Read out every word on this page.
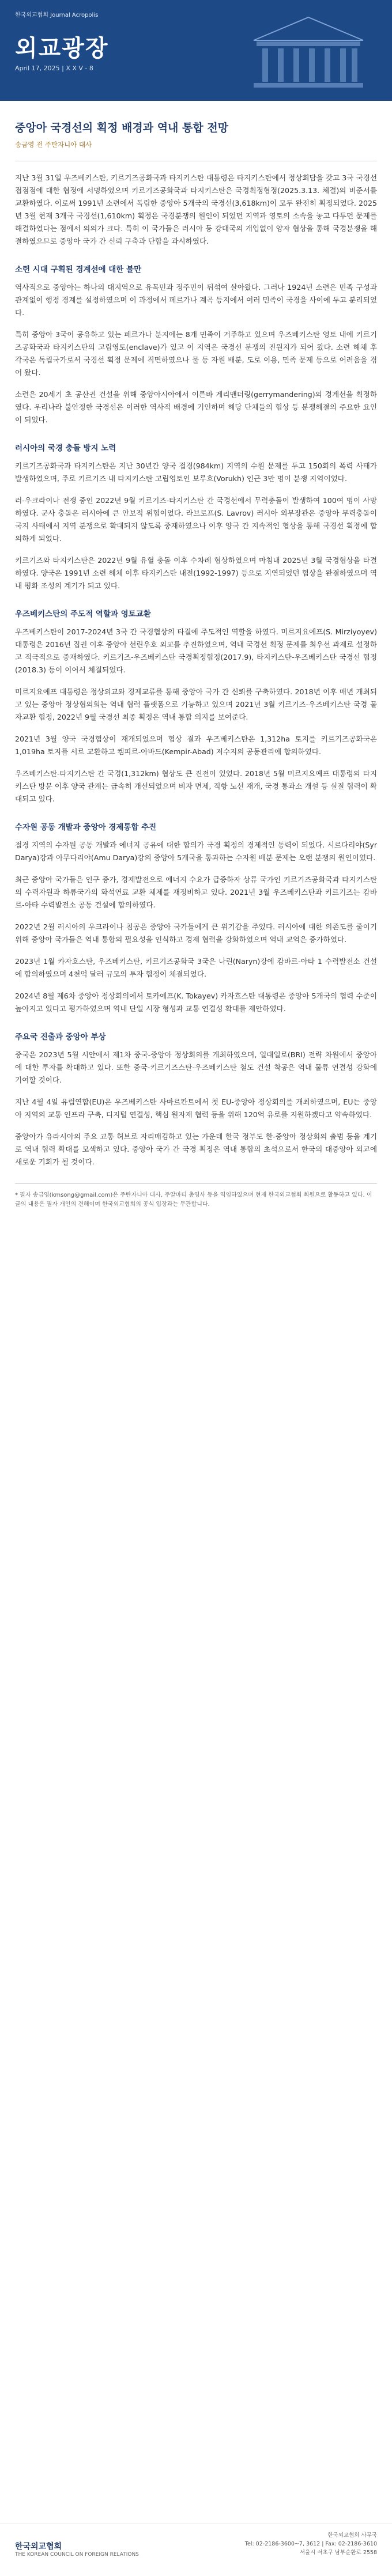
한국외교협회 Journal Acropolis
외교광장
April 17, 2025 | X X V - 8
중앙아 국경선의 획정 배경과 역내 통합 전망
송금영 전 주탄자니아 대사

지난 3월 31일 우즈베키스탄, 키르기즈공화국과 타지키스탄 대통령은 타지키스탄에서 정상회담을 갖고 3국 국경선 접점점에 대한 협정에 서명하였으며 키르기즈공화국과 타지키스탄은 국경획정협정(2025.3.13. 체결)의 비준서를 교환하였다. 이로써 1991년 소련에서 독립한 중앙아 5개국의 국경선(3,618km)이 모두 완전히 획정되었다. 2025년 3월 현재 3개국 국경선(1,610km) 획정은 국경분쟁의 원인이 되었던 지역과 영토의 소속을 놓고 다투던 문제를 해결하였다는 점에서 의의가 크다. 특히 이 국가들은 러시아 등 강대국의 개입없이 양자 협상을 통해 국경분쟁을 해결하였으므로 중앙아 국가 간 신뢰 구축과 단합을 과시하였다.

소련 시대 구획된 경계선에 대한 불만

역사적으로 중앙아는 하나의 대지역으로 유목민과 정주민이 뒤섞여 살아왔다. 그러나 1924년 소련은 민족 구성과 관계없이 행정 경계를 설정하였으며 이 과정에서 페르가나 계곡 등지에서 여러 민족이 국경을 사이에 두고 분리되었다.

특히 중앙아 3국이 공유하고 있는 페르가나 분지에는 8개 민족이 거주하고 있으며 우즈베키스탄 영토 내에 키르기즈공화국과 타지키스탄의 고립영토(enclave)가 있고 이 지역은 국경선 분쟁의 진원지가 되어 왔다. 소련 해체 후 각국은 독립국가로서 국경선 획정 문제에 직면하였으나 물 등 자원 배분, 도로 이용, 민족 문제 등으로 어려움을 겪어 왔다.

소련은 20세기 초 공산권 건설을 위해 중앙아시아에서 이른바 게리맨더링(gerrymandering)의 경계선을 획정하였다. 우리나라 불안정한 국경선은 이러한 역사적 배경에 기인하며 해당 단체들의 협상 등 분쟁해결의 주요한 요인이 되었다.

러시아의 국경 충돌 방지 노력

키르기즈공화국과 타지키스탄은 지난 30년간 양국 접경(984km) 지역의 수원 문제를 두고 150회의 폭력 사태가 발생하였으며, 주로 키르기즈 내 타지키스탄 고립영토인 보루흐(Vorukh) 인근 3만 명이 분쟁 지역이었다.

러-우크라이나 전쟁 중인 2022년 9월 키르기즈-타지키스탄 간 국경선에서 무력충돌이 발생하여 100여 명이 사망하였다. 군사 충돌은 러시아에 큰 안보적 위협이었다. 라브로프(S. Lavrov) 러시아 외무장관은 중앙아 무력충돌이 국지 사태에서 지역 분쟁으로 확대되지 않도록 중재하였으나 이후 양국 간 지속적인 협상을 통해 국경선 획정에 합의하게 되었다.

키르기즈와 타지키스탄은 2022년 9월 유혈 충돌 이후 수차례 협상하였으며 마침내 2025년 3월 국경협상을 타결하였다. 양국은 1991년 소련 해체 이후 타지키스탄 내전(1992-1997) 등으로 지연되었던 협상을 완결하였으며 역내 평화 조성의 계기가 되고 있다.

우즈베키스탄의 주도적 역할과 영토교환

우즈베키스탄이 2017-2024년 3국 간 국경협상의 타결에 주도적인 역할을 하였다. 미르지요예프(S. Mirziyoyev) 대통령은 2016년 집권 이후 중앙아 선린우호 외교를 추진하였으며, 역내 국경선 획정 문제를 최우선 과제로 설정하고 적극적으로 중재하였다. 키르기즈-우즈베키스탄 국경획정협정(2017.9), 타지키스탄-우즈베키스탄 국경선 협정(2018.3) 등이 이어서 체결되었다.

미르지요예프 대통령은 정상외교와 경제교류를 통해 중앙아 국가 간 신뢰를 구축하였다. 2018년 이후 매년 개최되고 있는 중앙아 정상협의회는 역내 협력 플랫폼으로 기능하고 있으며 2021년 3월 키르기즈-우즈베키스탄 국경 물자교환 협정, 2022년 9월 국경선 최종 획정은 역내 통합 의지를 보여준다.

2021년 3월 양국 국경협상이 재개되었으며 협상 결과 우즈베키스탄은 1,312ha 토지를 키르기즈공화국은 1,019ha 토지를 서로 교환하고 켐피르-아바드(Kempir-Abad) 저수지의 공동관리에 합의하였다.

우즈베키스탄-타지키스탄 간 국경(1,312km) 협상도 큰 진전이 있었다. 2018년 5월 미르지요예프 대통령의 타지키스탄 방문 이후 양국 관계는 급속히 개선되었으며 비자 면제, 직항 노선 재개, 국경 통과소 개설 등 실질 협력이 확대되고 있다.

수자원 공동 개발과 중앙아 경제통합 추진

접경 지역의 수자원 공동 개발과 에너지 공유에 대한 합의가 국경 획정의 경제적인 동력이 되었다. 시르다리야(Syr Darya)강과 아무다리야(Amu Darya)강의 중앙아 5개국을 통과하는 수자원 배분 문제는 오랜 분쟁의 원인이었다.

최근 중앙아 국가들은 인구 증가, 경제발전으로 에너지 수요가 급증하자 상류 국가인 키르기즈공화국과 타지키스탄의 수력자원과 하류국가의 화석연료 교환 체제를 재정비하고 있다. 2021년 3월 우즈베키스탄과 키르기즈는 캄바르-아타 수력발전소 공동 건설에 합의하였다.

2022년 2월 러시아의 우크라이나 침공은 중앙아 국가들에게 큰 위기감을 주었다. 러시아에 대한 의존도를 줄이기 위해 중앙아 국가들은 역내 통합의 필요성을 인식하고 경제 협력을 강화하였으며 역내 교역은 증가하였다.

2023년 1월 카자흐스탄, 우즈베키스탄, 키르기즈공화국 3국은 나린(Naryn)강에 캄바르-아타 1 수력발전소 건설에 합의하였으며 4천억 달러 규모의 투자 협정이 체결되었다.

2024년 8월 제6차 중앙아 정상회의에서 토카예프(K. Tokayev) 카자흐스탄 대통령은 중앙아 5개국의 협력 수준이 높아지고 있다고 평가하였으며 역내 단일 시장 형성과 교통 연결성 확대를 제안하였다.

주요국 진출과 중앙아 부상

중국은 2023년 5월 시안에서 제1차 중국-중앙아 정상회의를 개최하였으며, 일대일로(BRI) 전략 차원에서 중앙아에 대한 투자를 확대하고 있다. 또한 중국-키르기즈스탄-우즈베키스탄 철도 건설 착공은 역내 물류 연결성 강화에 기여할 것이다.

지난 4월 4일 유럽연합(EU)은 우즈베키스탄 사마르칸트에서 첫 EU-중앙아 정상회의를 개최하였으며, EU는 중앙아 지역의 교통 인프라 구축, 디지털 연결성, 핵심 원자재 협력 등을 위해 120억 유로를 지원하겠다고 약속하였다.

중앙아가 유라시아의 주요 교통 허브로 자리매김하고 있는 가운데 한국 정부도 한-중앙아 정상회의 출범 등을 계기로 역내 협력 확대를 모색하고 있다. 중앙아 국가 간 국경 획정은 역내 통합의 초석으로서 한국의 대중앙아 외교에 새로운 기회가 될 것이다.

* 필자 송금영(kmsong@gmail.com)은 주탄자니아 대사, 주알마티 총영사 등을 역임하였으며 현재 한국외교협회 회원으로 활동하고 있다. 이 글의 내용은 필자 개인의 견해이며 한국외교협회의 공식 입장과는 무관합니다.
한국외교협회
THE KOREAN COUNCIL ON FOREIGN RELATIONS
한국외교협회 사무국
Tel: 02-2186-3600~7, 3612 | Fax: 02-2186-3610
서울시 서초구 남부순환로 2558
